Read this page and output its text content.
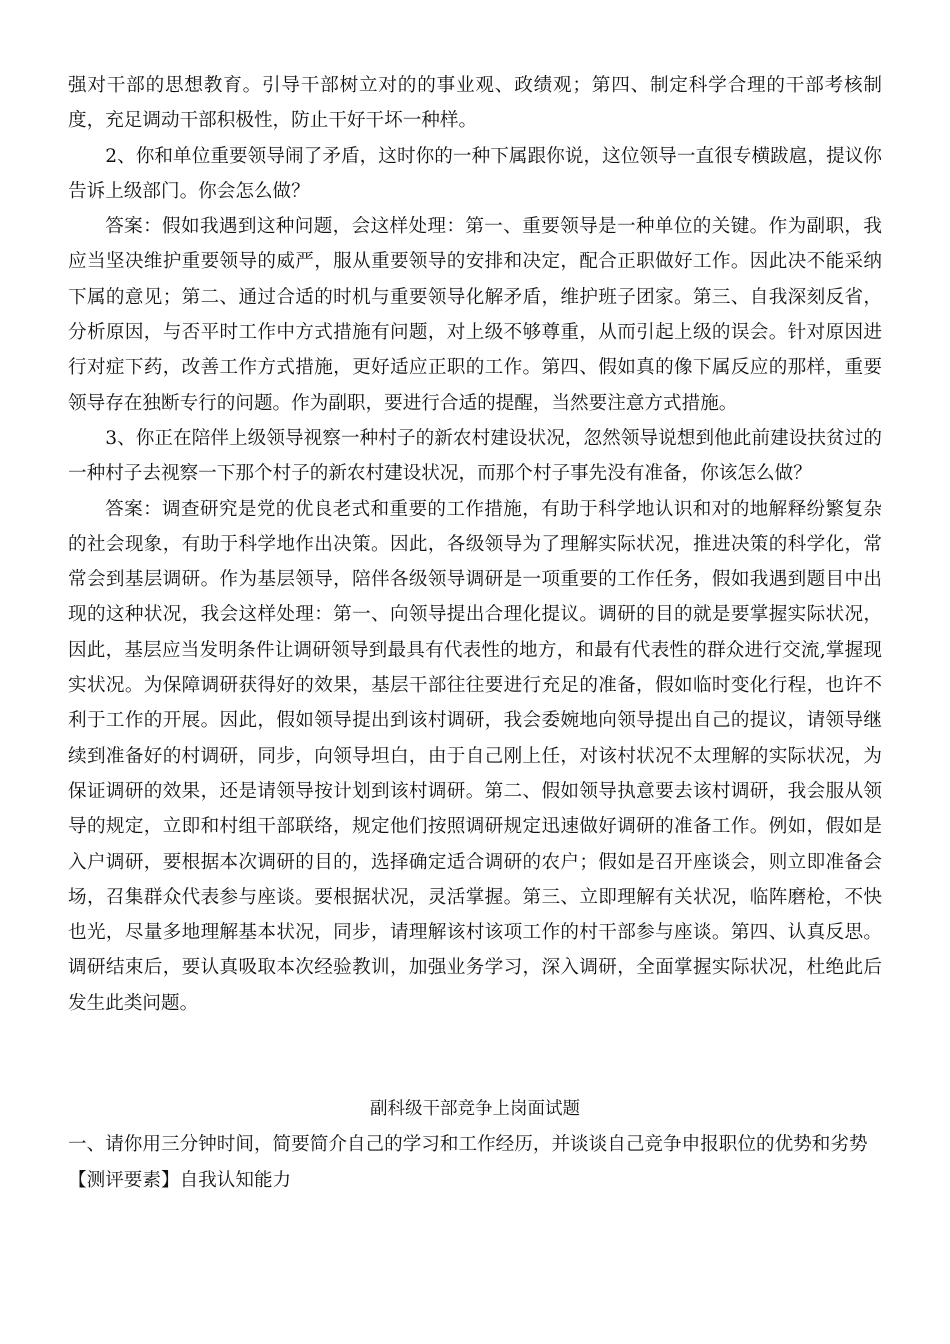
强对干部的思想教育。引导干部树立对的的事业观、政绩观；第四、制定科学合理的干部考核制度，充足调动干部积极性，防止干好干坏一种样。

2、你和单位重要领导闹了矛盾，这时你的一种下属跟你说，这位领导一直很专横跋扈，提议你告诉上级部门。你会怎么做？

答案：假如我遇到这种问题，会这样处理：第一、重要领导是一种单位的关键。作为副职，我应当坚决维护重要领导的威严，服从重要领导的安排和决定，配合正职做好工作。因此决不能采纳下属的意见；第二、通过合适的时机与重要领导化解矛盾，维护班子团家。第三、自我深刻反省，分析原因，与否平时工作中方式措施有问题，对上级不够尊重，从而引起上级的误会。针对原因进行对症下药，改善工作方式措施，更好适应正职的工作。第四、假如真的像下属反应的那样，重要领导存在独断专行的问题。作为副职，要进行合适的提醒，当然要注意方式措施。

3、你正在陪伴上级领导视察一种村子的新农村建设状况，忽然领导说想到他此前建设扶贫过的一种村子去视察一下那个村子的新农村建设状况，而那个村子事先没有准备，你该怎么做？

答案：调查研究是党的优良老式和重要的工作措施，有助于科学地认识和对的地解释纷繁复杂的社会现象，有助于科学地作出决策。因此，各级领导为了理解实际状况，推进决策的科学化，常常会到基层调研。作为基层领导，陪伴各级领导调研是一项重要的工作任务，假如我遇到题目中出现的这种状况，我会这样处理：第一、向领导提出合理化提议。调研的目的就是要掌握实际状况，因此，基层应当发明条件让调研领导到最具有代表性的地方，和最有代表性的群众进行交流,掌握现实状况。为保障调研获得好的效果，基层干部往往要进行充足的准备，假如临时变化行程，也许不利于工作的开展。因此，假如领导提出到该村调研，我会委婉地向领导提出自己的提议，请领导继续到准备好的村调研，同步，向领导坦白，由于自己刚上任，对该村状况不太理解的实际状况，为保证调研的效果，还是请领导按计划到该村调研。第二、假如领导执意要去该村调研，我会服从领导的规定，立即和村组干部联络，规定他们按照调研规定迅速做好调研的准备工作。例如，假如是入户调研，要根据本次调研的目的，选择确定适合调研的农户；假如是召开座谈会，则立即准备会场，召集群众代表参与座谈。要根据状况，灵活掌握。第三、立即理解有关状况，临阵磨枪，不快也光，尽量多地理解基本状况，同步，请理解该村该项工作的村干部参与座谈。第四、认真反思。调研结束后，要认真吸取本次经验教训，加强业务学习，深入调研，全面掌握实际状况，杜绝此后发生此类问题。

副科级干部竞争上岗面试题

一、请你用三分钟时间，简要简介自己的学习和工作经历，并谈谈自己竞争申报职位的优势和劣势

【测评要素】自我认知能力
